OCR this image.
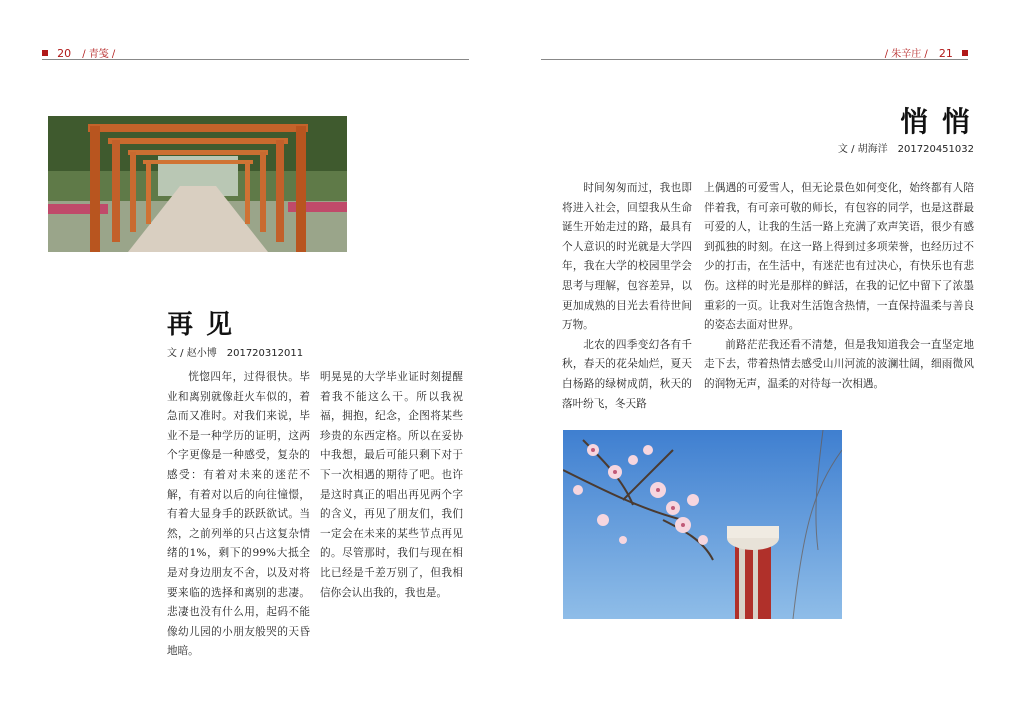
20 / 青笺 /	/ 朱辛庄 / 21
再 见
文 / 赵小博　201720312011

恍惚四年，过得很快。毕业和离别就像赶火车似的，着急而又准时。对我们来说，毕业不是一种学历的证明，这两个字更像是一种感受，复杂的感受：有着对未来的迷茫不解，有着对以后的向往憧憬，有着大显身手的跃跃欲试。当然，之前列举的只占这复杂情绪的1%，剩下的99%大抵全是对身边朋友不舍，以及对将要来临的选择和离别的悲凄。悲凄也没有什么用，起码不能像幼儿园的小朋友般哭的天昏地暗。

明晃晃的大学毕业证时刻提醒着我不能这么干。所以我祝福，拥抱，纪念，企图将某些珍贵的东西定格。所以在妥协中我想，最后可能只剩下对于下一次相遇的期待了吧。也许是这时真正的唱出再见两个字的含义，再见了朋友们，我们一定会在未来的某些节点再见的。尽管那时，我们与现在相比已经是千差万别了，但我相信你会认出我的，我也是。

悄 悄
文 / 胡海洋　201720451032

时间匆匆而过，我也即将进入社会，回望我从生命诞生开始走过的路，最具有个人意识的时光就是大学四年，我在大学的校园里学会思考与理解，包容差异，以更加成熟的目光去看待世间万物。

北农的四季变幻各有千秋，春天的花朵灿烂，夏天白杨路的绿树成荫，秋天的落叶纷飞，冬天路

上偶遇的可爱雪人，但无论景色如何变化，始终都有人陪伴着我，有可亲可敬的师长，有包容的同学，也是这群最可爱的人，让我的生活一路上充满了欢声笑语，很少有感到孤独的时刻。在这一路上得到过多项荣誉，也经历过不少的打击，在生活中，有迷茫也有过决心，有快乐也有悲伤。这样的时光是那样的鲜活，在我的记忆中留下了浓墨重彩的一页。让我对生活饱含热情，一直保持温柔与善良的姿态去面对世界。

前路茫茫我还看不清楚，但是我知道我会一直坚定地走下去，带着热情去感受山川河流的波澜壮阔，细雨微风的润物无声，温柔的对待每一次相遇。
